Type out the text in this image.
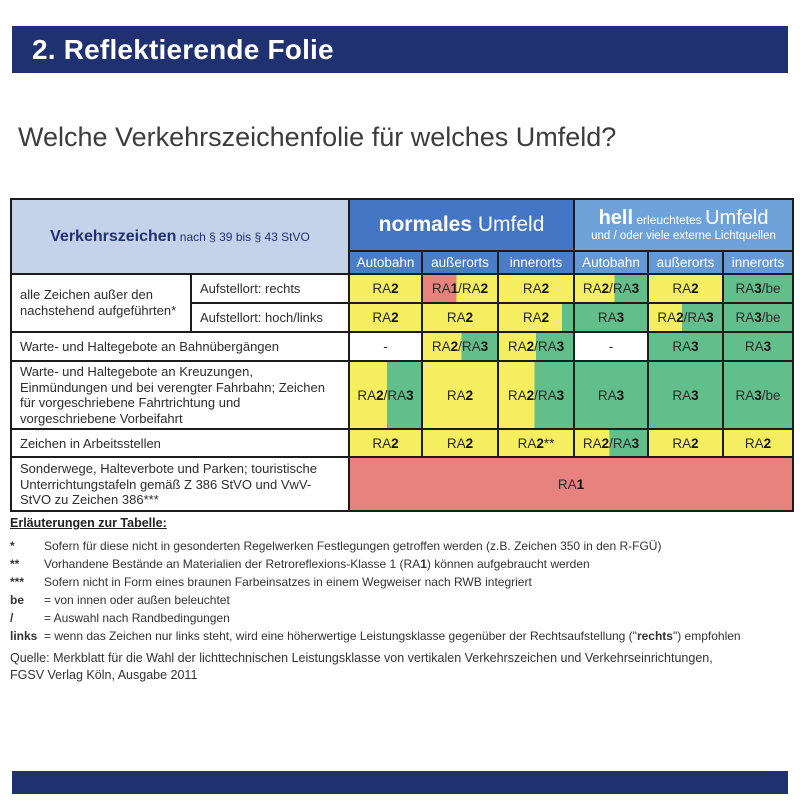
2. Reflektierende Folie
Welche Verkehrszeichenfolie für welches Umfeld?
Verkehrszeichen nach § 39 bis § 43 StVO		normales Umfeld			hell erleuchtetes Umfeld
und / oder viele externe Lichtquellen		

		Autobahn	außerorts	innerorts	Autobahn	außerorts	innerorts
alle Zeichen außer den nachstehend aufgeführten*	Aufstellort: rechts	RA2	RA1/RA2	RA2	RA2/RA3	RA2	RA3/be
	Aufstellort: hoch/links	RA2	RA2	RA2	RA3	RA2/RA3	RA3/be
Warte- und Haltegebote an Bahnübergängen		-	RA2/RA3	RA2/RA3	-	RA3	RA3
Warte- und Haltegebote an Kreuzungen, Einmündungen und bei verengter Fahrbahn; Zeichen für vorgeschriebene Fahrtrichtung und vorgeschriebene Vorbeifahrt		RA2/RA3	RA2	RA2/RA3	RA3	RA3	RA3/be
Zeichen in Arbeitsstellen		RA2	RA2	RA2**	RA2/RA3	RA2	RA2
Sonderwege, Halteverbote und Parken; touristische Unterrichtungstafeln gemäß Z 386 StVO und VwV-StVO zu Zeichen 386***		RA1					
Erläuterungen zur Tabelle:
*	Sofern für diese nicht in gesonderten Regelwerken Festlegungen getroffen werden (z.B. Zeichen 350 in den R-FGÜ)
**	Vorhandene Bestände an Materialien der Retroreflexions-Klasse 1 (RA1) können aufgebraucht werden
***	Sofern nicht in Form eines braunen Farbeinsatzes in einem Wegweiser nach RWB integriert
be	= von innen oder außen beleuchtet
/	= Auswahl nach Randbedingungen
links = wenn das Zeichen nur links steht, wird eine höherwertige Leistungsklasse gegenüber der Rechtsaufstellung ("rechts") empfohlen
Quelle: Merkblatt für die Wahl der lichttechnischen Leistungsklasse von vertikalen Verkehrszeichen und Verkehrseinrichtungen,
FGSV Verlag Köln, Ausgabe 2011
